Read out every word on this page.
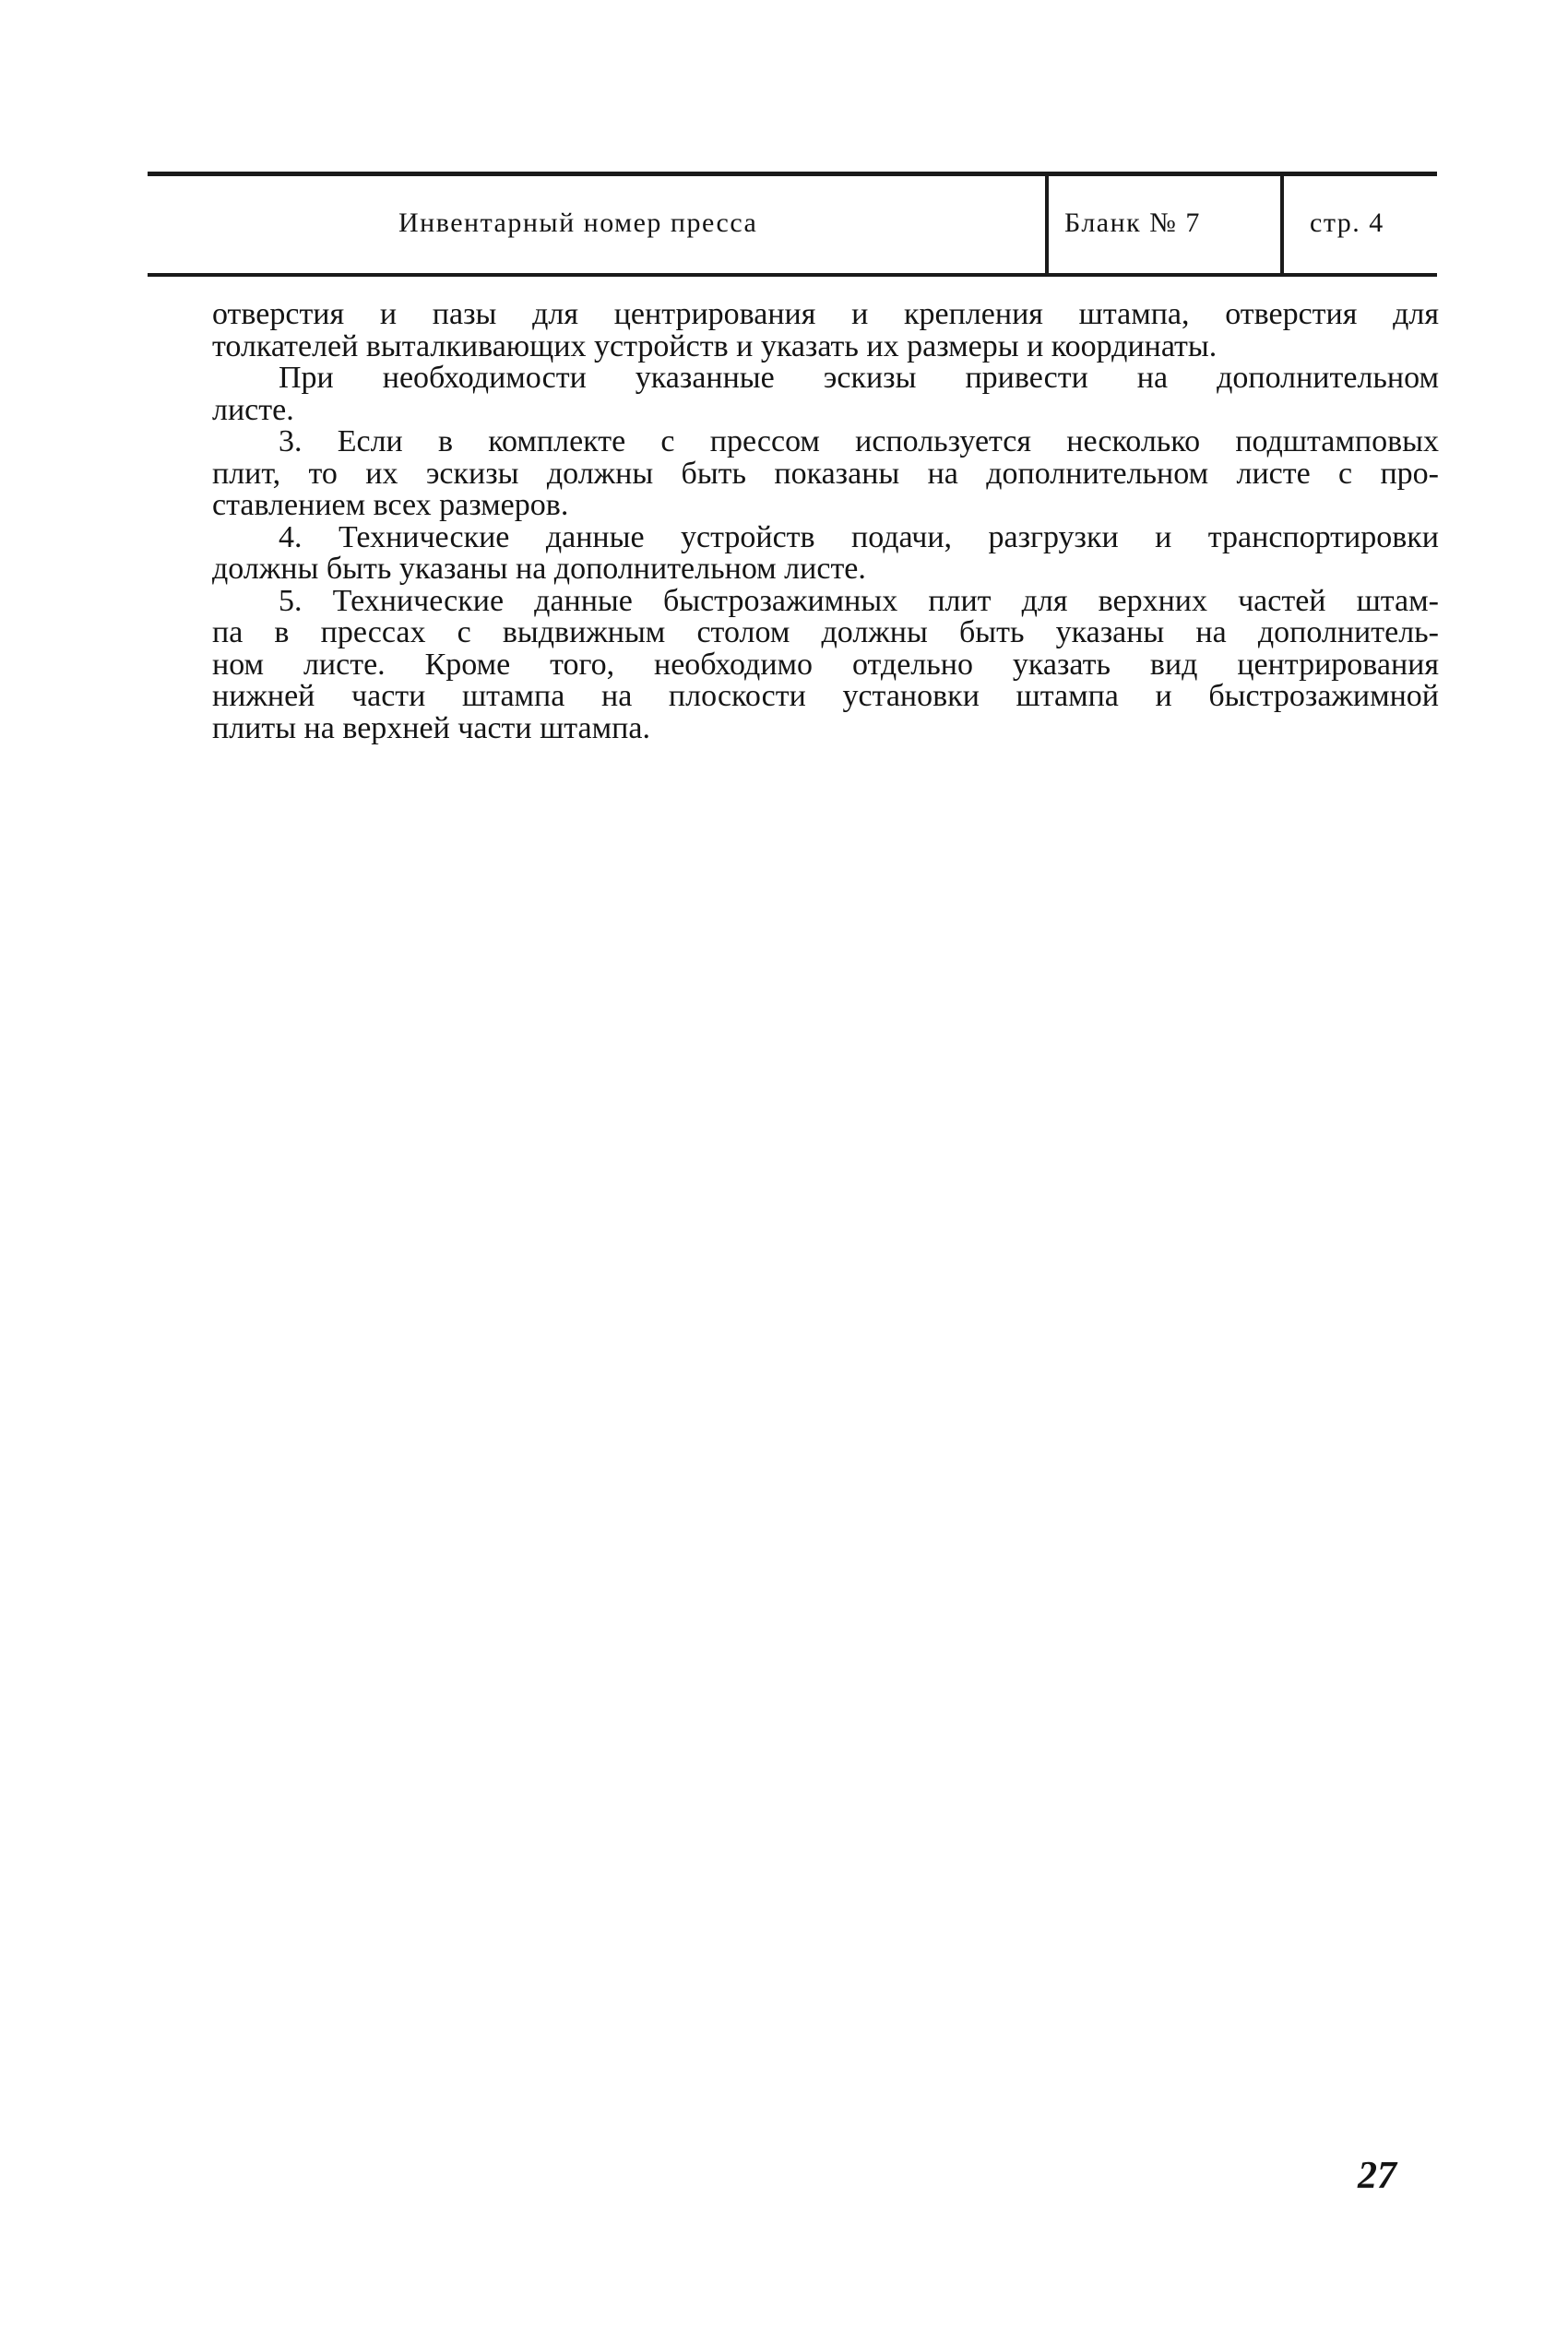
Инвентарный номер пресса	Бланк № 7	стр. 4

отверстия и пазы для центрирования и крепления штампа, отверстия для

толкателей выталкивающих устройств и указать их размеры и координаты.

При необходимости указанные эскизы привести на дополнительном

листе.

3. Если в комплекте с прессом используется несколько подштамповых

плит, то их эскизы должны быть показаны на дополнительном листе с про-

ставлением всех размеров.

4. Технические данные устройств подачи, разгрузки и транспортировки

должны быть указаны на дополнительном листе.

5. Технические данные быстрозажимных плит для верхних частей штам-

па в прессах с выдвижным столом должны быть указаны на дополнитель-

ном листе. Кроме того, необходимо отдельно указать вид центрирования

нижней части штампа на плоскости установки штампа и быстрозажимной

плиты на верхней части штампа.

27
